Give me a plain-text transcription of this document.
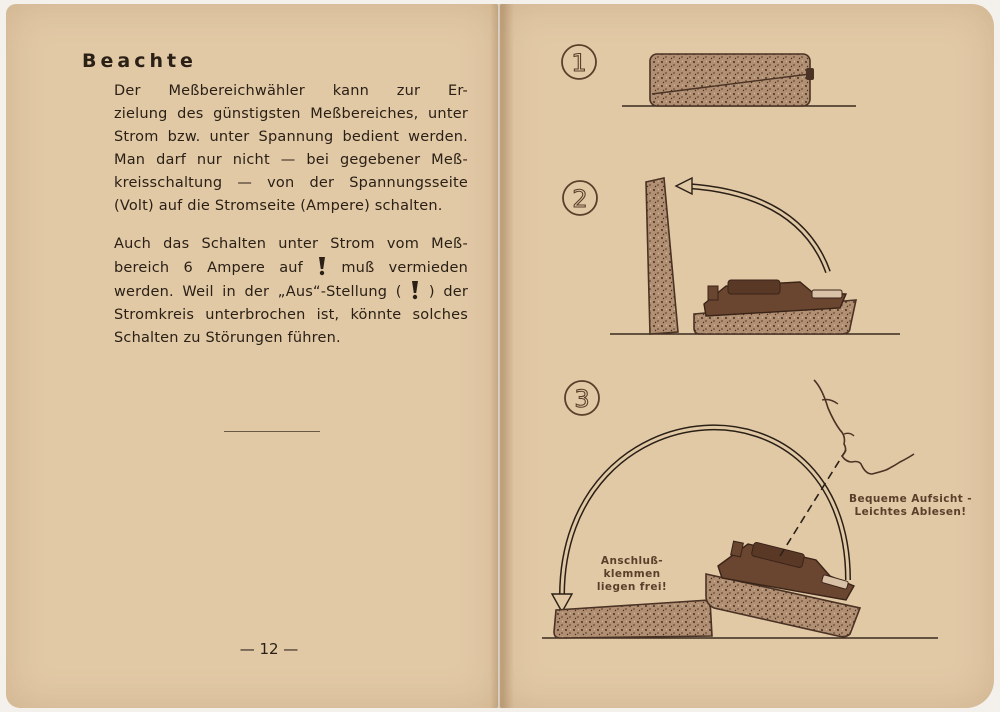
Beachte
Der Meßbereichwähler kann zur Er-
zielung des günstigsten Meßbereiches, unter
Strom bzw. unter Spannung bedient werden.
Man darf nur nicht — bei gegebener Meß-
kreisschaltung — von der Spannungsseite
(Volt) auf die Stromseite (Ampere) schalten.
Auch das Schalten unter Strom vom Meß-
bereich 6 Ampere auf	muß vermieden
werden. Weil in der „Aus“-Stellung ( ) der
Stromkreis unterbrochen ist, könnte solches
Schalten zu Störungen führen.
— 12 —
1
2
3
Anschluß-
klemmen
liegen frei!
Bequeme Aufsicht -
Leichtes Ablesen!
